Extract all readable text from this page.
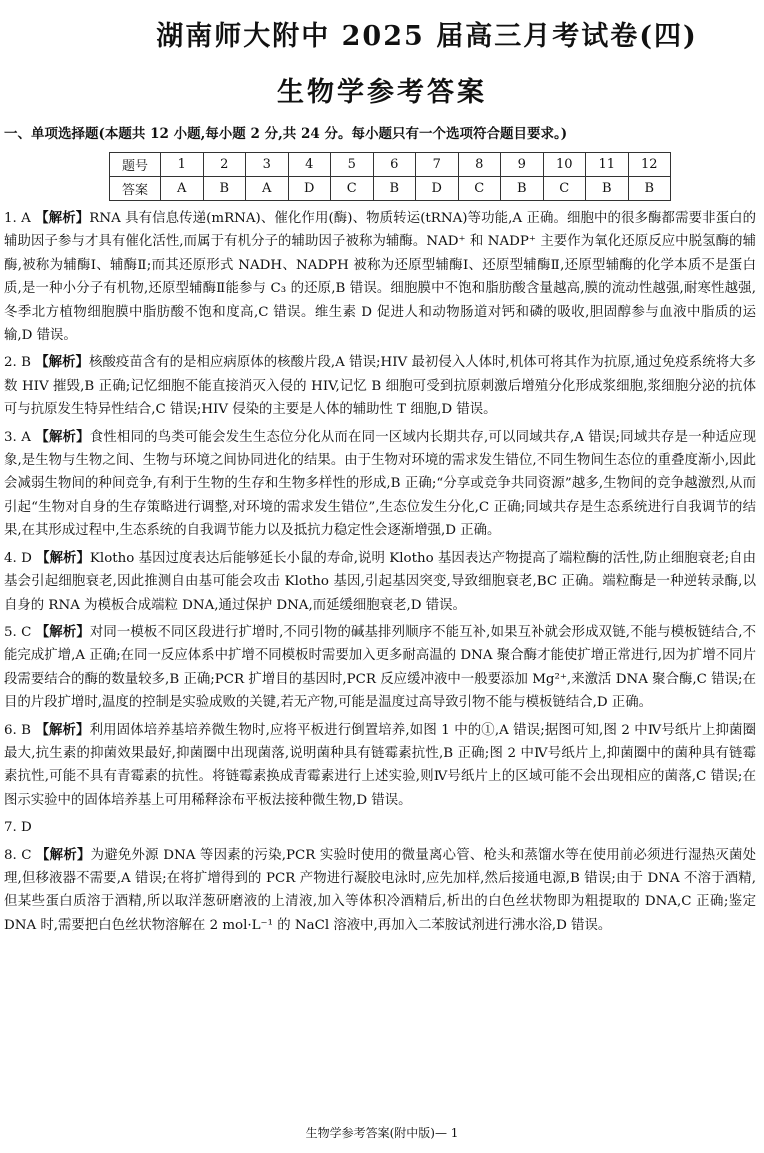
湖南师大附中 2025 届高三月考试卷(四)
生物学参考答案
一、单项选择题(本题共 12 小题,每小题 2 分,共 24 分。每小题只有一个选项符合题目要求。)
题号	1	2	3	4	5	6	7	8	9	10	11	12
答案	A	B	A	D	C	B	D	C	B	C	B	B

1. A 【解析】RNA 具有信息传递(mRNA)、催化作用(酶)、物质转运(tRNA)等功能,A 正确。细胞中的很多酶都需要非蛋白的辅助因子参与才具有催化活性,而属于有机分子的辅助因子被称为辅酶。NAD⁺ 和 NADP⁺ 主要作为氧化还原反应中脱氢酶的辅酶,被称为辅酶Ⅰ、辅酶Ⅱ;而其还原形式 NADH、NADPH 被称为还原型辅酶Ⅰ、还原型辅酶Ⅱ,还原型辅酶的化学本质不是蛋白质,是一种小分子有机物,还原型辅酶Ⅱ能参与 C₃ 的还原,B 错误。细胞膜中不饱和脂肪酸含量越高,膜的流动性越强,耐寒性越强,冬季北方植物细胞膜中脂肪酸不饱和度高,C 错误。维生素 D 促进人和动物肠道对钙和磷的吸收,胆固醇参与血液中脂质的运输,D 错误。

2. B 【解析】核酸疫苗含有的是相应病原体的核酸片段,A 错误;HIV 最初侵入人体时,机体可将其作为抗原,通过免疫系统将大多数 HIV 摧毁,B 正确;记忆细胞不能直接消灭入侵的 HIV,记忆 B 细胞可受到抗原刺激后增殖分化形成浆细胞,浆细胞分泌的抗体可与抗原发生特异性结合,C 错误;HIV 侵染的主要是人体的辅助性 T 细胞,D 错误。

3. A 【解析】食性相同的鸟类可能会发生生态位分化从而在同一区域内长期共存,可以同域共存,A 错误;同域共存是一种适应现象,是生物与生物之间、生物与环境之间协同进化的结果。由于生物对环境的需求发生错位,不同生物间生态位的重叠度渐小,因此会减弱生物间的种间竞争,有利于生物的生存和生物多样性的形成,B 正确;“分享或竞争共同资源”越多,生物间的竞争越激烈,从而引起“生物对自身的生存策略进行调整,对环境的需求发生错位”,生态位发生分化,C 正确;同域共存是生态系统进行自我调节的结果,在其形成过程中,生态系统的自我调节能力以及抵抗力稳定性会逐渐增强,D 正确。

4. D 【解析】Klotho 基因过度表达后能够延长小鼠的寿命,说明 Klotho 基因表达产物提高了端粒酶的活性,防止细胞衰老;自由基会引起细胞衰老,因此推测自由基可能会攻击 Klotho 基因,引起基因突变,导致细胞衰老,BC 正确。端粒酶是一种逆转录酶,以自身的 RNA 为模板合成端粒 DNA,通过保护 DNA,而延缓细胞衰老,D 错误。

5. C 【解析】对同一模板不同区段进行扩增时,不同引物的碱基排列顺序不能互补,如果互补就会形成双链,不能与模板链结合,不能完成扩增,A 正确;在同一反应体系中扩增不同模板时需要加入更多耐高温的 DNA 聚合酶才能使扩增正常进行,因为扩增不同片段需要结合的酶的数量较多,B 正确;PCR 扩增目的基因时,PCR 反应缓冲液中一般要添加 Mg²⁺,来激活 DNA 聚合酶,C 错误;在目的片段扩增时,温度的控制是实验成败的关键,若无产物,可能是温度过高导致引物不能与模板链结合,D 正确。

6. B 【解析】利用固体培养基培养微生物时,应将平板进行倒置培养,如图 1 中的①,A 错误;据图可知,图 2 中Ⅳ号纸片上抑菌圈最大,抗生素的抑菌效果最好,抑菌圈中出现菌落,说明菌种具有链霉素抗性,B 正确;图 2 中Ⅳ号纸片上,抑菌圈中的菌种具有链霉素抗性,可能不具有青霉素的抗性。将链霉素换成青霉素进行上述实验,则Ⅳ号纸片上的区域可能不会出现相应的菌落,C 错误;在图示实验中的固体培养基上可用稀释涂布平板法接种微生物,D 错误。

7. D

8. C 【解析】为避免外源 DNA 等因素的污染,PCR 实验时使用的微量离心管、枪头和蒸馏水等在使用前必须进行湿热灭菌处理,但移液器不需要,A 错误;在将扩增得到的 PCR 产物进行凝胶电泳时,应先加样,然后接通电源,B 错误;由于 DNA 不溶于酒精,但某些蛋白质溶于酒精,所以取洋葱研磨液的上清液,加入等体积冷酒精后,析出的白色丝状物即为粗提取的 DNA,C 正确;鉴定 DNA 时,需要把白色丝状物溶解在 2 mol·L⁻¹ 的 NaCl 溶液中,再加入二苯胺试剂进行沸水浴,D 错误。

生物学参考答案(附中版)— 1
